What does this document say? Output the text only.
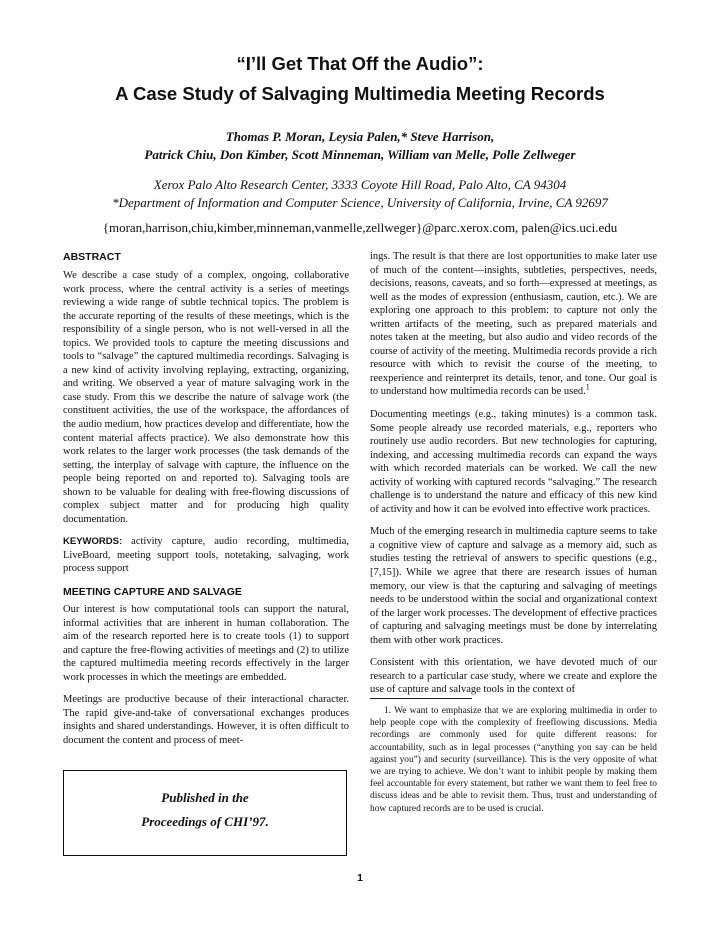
“I’ll Get That Off the Audio”:
A Case Study of Salvaging Multimedia Meeting Records
Thomas P. Moran, Leysia Palen,* Steve Harrison,
Patrick Chiu, Don Kimber, Scott Minneman, William van Melle, Polle Zellweger
Xerox Palo Alto Research Center, 3333 Coyote Hill Road, Palo Alto, CA 94304
*Department of Information and Computer Science, University of California, Irvine, CA 92697
{moran,harrison,chiu,kimber,minneman,vanmelle,zellweger}@parc.xerox.com, palen@ics.uci.edu
ABSTRACT

We describe a case study of a complex, ongoing, collaborative work process, where the central activity is a series of meetings reviewing a wide range of subtle technical topics. The problem is the accurate reporting of the results of these meetings, which is the responsibility of a single person, who is not well-versed in all the topics. We provided tools to capture the meeting discussions and tools to “salvage” the captured multimedia recordings. Salvaging is a new kind of activity involving replaying, extracting, organizing, and writing. We observed a year of mature salvaging work in the case study. From this we describe the nature of salvage work (the constituent activities, the use of the workspace, the affordances of the audio medium, how practices develop and differentiate, how the content material affects practice). We also demonstrate how this work relates to the larger work processes (the task demands of the setting, the interplay of salvage with capture, the influence on the people being reported on and reported to). Salvaging tools are shown to be valuable for dealing with free-flowing discussions of complex subject matter and for producing high quality documentation.

KEYWORDS: activity capture, audio recording, multimedia, LiveBoard, meeting support tools, notetaking, salvaging, work process support

MEETING CAPTURE AND SALVAGE

Our interest is how computational tools can support the natural, informal activities that are inherent in human collaboration. The aim of the research reported here is to create tools (1) to support and capture the free-flowing activities of meetings and (2) to utilize the captured multimedia meeting records effectively in the larger work processes in which the meetings are embedded.

Meetings are productive because of their interactional character. The rapid give-and-take of conversational exchanges produces insights and shared understandings. However, it is often difficult to document the content and process of meet-

ings. The result is that there are lost opportunities to make later use of much of the content—insights, subtleties, perspectives, needs, decisions, reasons, caveats, and so forth—expressed at meetings, as well as the modes of expression (enthusiasm, caution, etc.). We are exploring one approach to this problem: to capture not only the written artifacts of the meeting, such as prepared materials and notes taken at the meeting, but also audio and video records of the course of activity of the meeting. Multimedia records provide a rich resource with which to revisit the course of the meeting, to reexperience and reinterpret its details, tenor, and tone. Our goal is to understand how multimedia records can be used.$^1$

Documenting meetings (e.g., taking minutes) is a common task. Some people already use recorded materials, e.g., reporters who routinely use audio recorders. But new technologies for capturing, indexing, and accessing multimedia records can expand the ways with which recorded materials can be worked. We call the new activity of working with captured records “salvaging.” The research challenge is to understand the nature and efficacy of this new kind of activity and how it can be evolved into effective work practices.

Much of the emerging research in multimedia capture seems to take a cognitive view of capture and salvage as a memory aid, such as studies testing the retrieval of answers to specific questions (e.g., [7,15]). While we agree that there are research issues of human memory, our view is that the capturing and salvaging of meetings needs to be understood within the social and organizational context of the larger work processes. The development of effective practices of capturing and salvaging meetings must be done by interrelating them with other work practices.

Consistent with this orientation, we have devoted much of our research to a particular case study, where we create and explore the use of capture and salvage tools in the context of

1. We want to emphasize that we are exploring multimedia in order to help people cope with the complexity of freeflowing discussions. Media recordings are commonly used for quite different reasons: for accountability, such as in legal processes (“anything you say can be held against you”) and security (surveillance). This is the very opposite of what we are trying to achieve. We don’t want to inhibit people by making them feel accountable for every statement, but rather we want them to feel free to discuss ideas and be able to revisit them. Thus, trust and understanding of how captured records are to be used is crucial.

Published in the
Proceedings of CHI’97.
1
